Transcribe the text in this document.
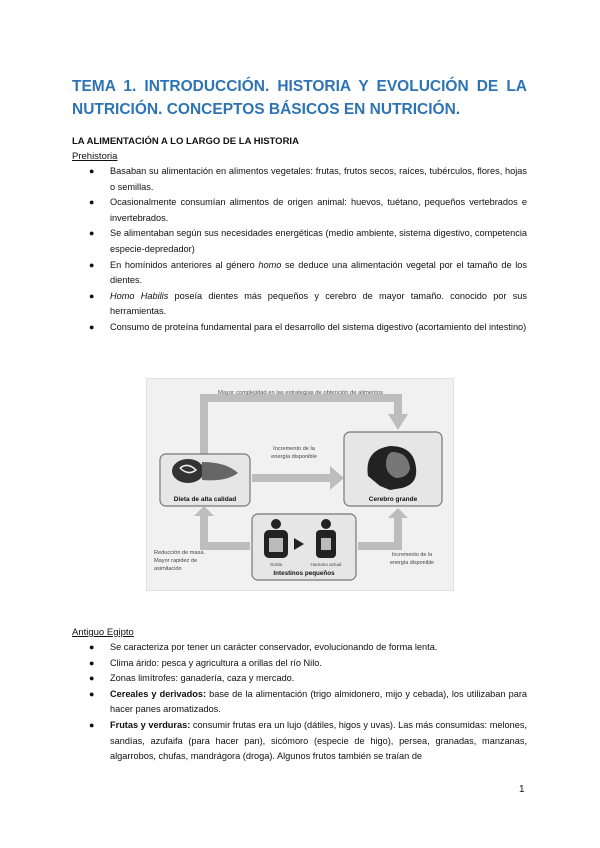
TEMA 1. INTRODUCCIÓN. HISTORIA Y EVOLUCIÓN DE LA NUTRICIÓN. CONCEPTOS BÁSICOS EN NUTRICIÓN.
LA ALIMENTACIÓN A LO LARGO DE LA HISTORIA

Prehistoria

● Basaban su alimentación en alimentos vegetales: frutas, frutos secos, raíces, tubérculos, flores, hojas o semillas.
● Ocasionalmente consumían alimentos de origen animal: huevos, tuétano, pequeños vertebrados e invertebrados.
● Se alimentaban según sus necesidades energéticas (medio ambiente, sistema digestivo, competencia especie-depredador)
● En homínidos anteriores al género homo se deduce una alimentación vegetal por el tamaño de los dientes.
● Homo Habilis poseía dientes más pequeños y cerebro de mayor tamaño. conocido por sus herramientas.
● Consumo de proteína fundamental para el desarrollo del sistema digestivo (acortamiento del intestino)
Mayor complejidad en las estrategias de obtención de alimentos
Dieta de alta calidad
Incremento de la
energía disponible
Cerebro grande
Gorila	Humano actual
Intestinos pequeños
Reducción de masa.
Mayor rapidez de
asimilación
Incremento de la
energía disponible

Antiguo Egipto

● Se caracteriza por tener un carácter conservador, evolucionando de forma lenta.
● Clima árido: pesca y agricultura a orillas del río Nilo.
● Zonas limítrofes: ganadería, caza y mercado.
● Cereales y derivados: base de la alimentación (trigo almidonero, mijo y cebada), los utilizaban para hacer panes aromatizados.
● Frutas y verduras: consumir frutas era un lujo (dátiles, higos y uvas). Las más consumidas: melones, sandías, azufaifa (para hacer pan), sicómoro (especie de higo), persea, granadas, manzanas, algarrobos, chufas, mandrágora (droga). Algunos frutos también se traían de
1
